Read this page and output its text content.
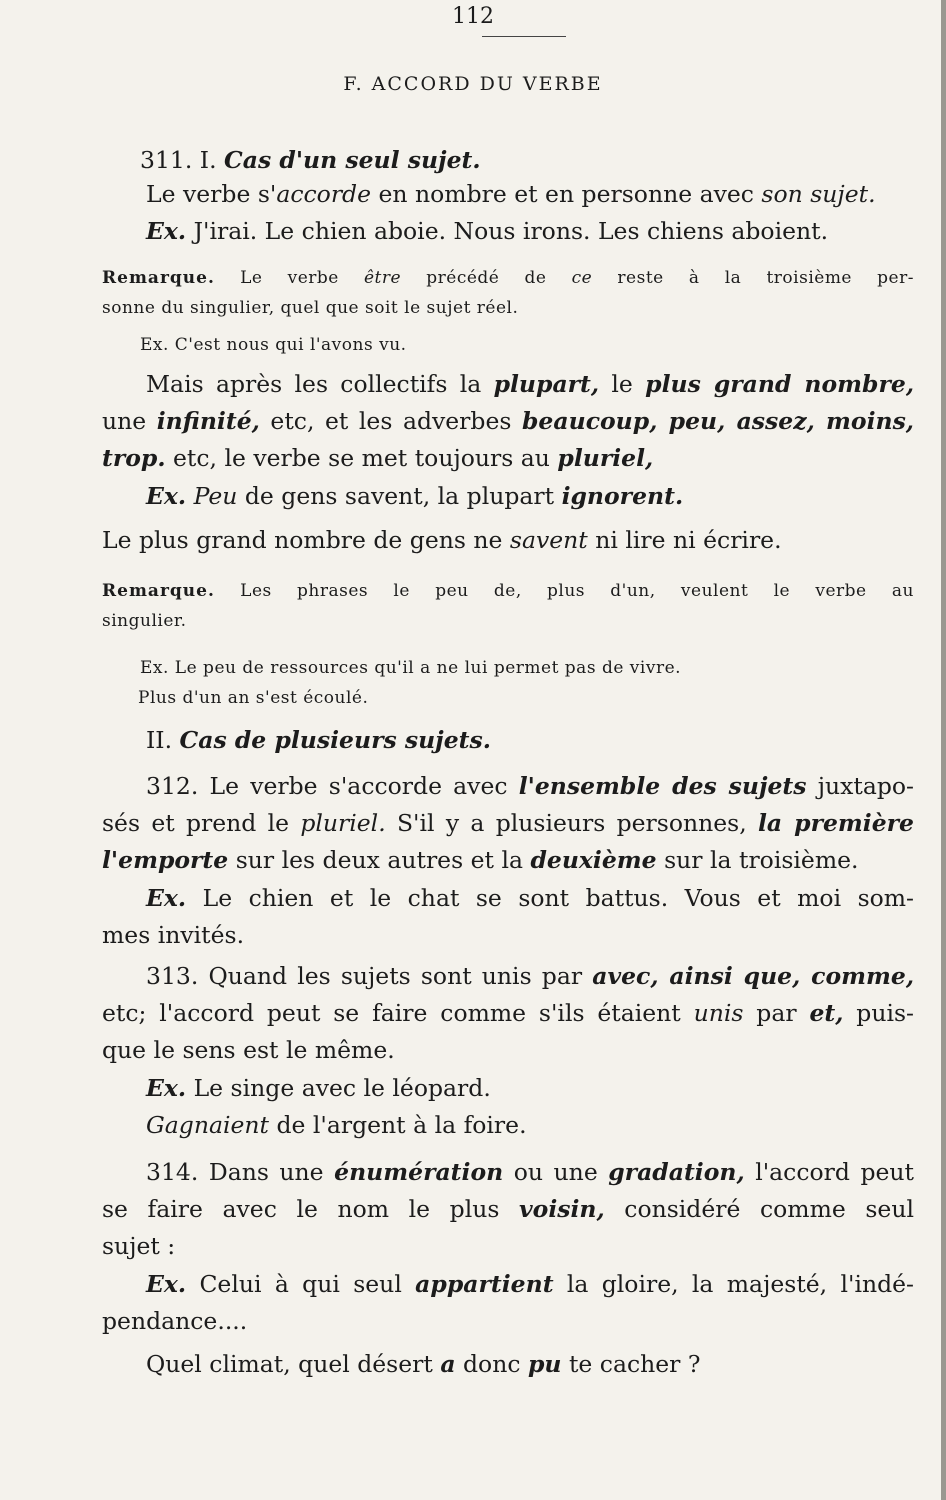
112
F. ACCORD DU VERBE
311. I. Cas d'un seul sujet.
Le verbe s'accorde en nombre et en personne avec son sujet.
Ex. J'irai. Le chien aboie. Nous irons. Les chiens aboient.
Remarque. Le verbe être précédé de ce reste à la troisième per-
sonne du singulier, quel que soit le sujet réel.
Ex. C'est nous qui l'avons vu.
Mais après les collectifs la plupart, le plus grand nombre,
une infinité, etc, et les adverbes beaucoup, peu, assez, moins,
trop. etc, le verbe se met toujours au pluriel,
Ex. Peu de gens savent, la plupart ignorent.
Le plus grand nombre de gens ne savent ni lire ni écrire.
Remarque. Les phrases le peu de, plus d'un, veulent le verbe au
singulier.
Ex. Le peu de ressources qu'il a ne lui permet pas de vivre.
Plus d'un an s'est écoulé.
II. Cas de plusieurs sujets.
312. Le verbe s'accorde avec l'ensemble des sujets juxtapo-
sés et prend le pluriel. S'il y a plusieurs personnes, la première
l'emporte sur les deux autres et la deuxième sur la troisième.
Ex. Le chien et le chat se sont battus. Vous et moi som-
mes invités.
313. Quand les sujets sont unis par avec, ainsi que, comme,
etc; l'accord peut se faire comme s'ils étaient unis par et, puis-
que le sens est le même.
Ex. Le singe avec le léopard.
Gagnaient de l'argent à la foire.
314. Dans une énumération ou une gradation, l'accord peut
se faire avec le nom le plus voisin, considéré comme seul
sujet :
Ex. Celui à qui seul appartient la gloire, la majesté, l'indé-
pendance....
Quel climat, quel désert a donc pu te cacher ?
